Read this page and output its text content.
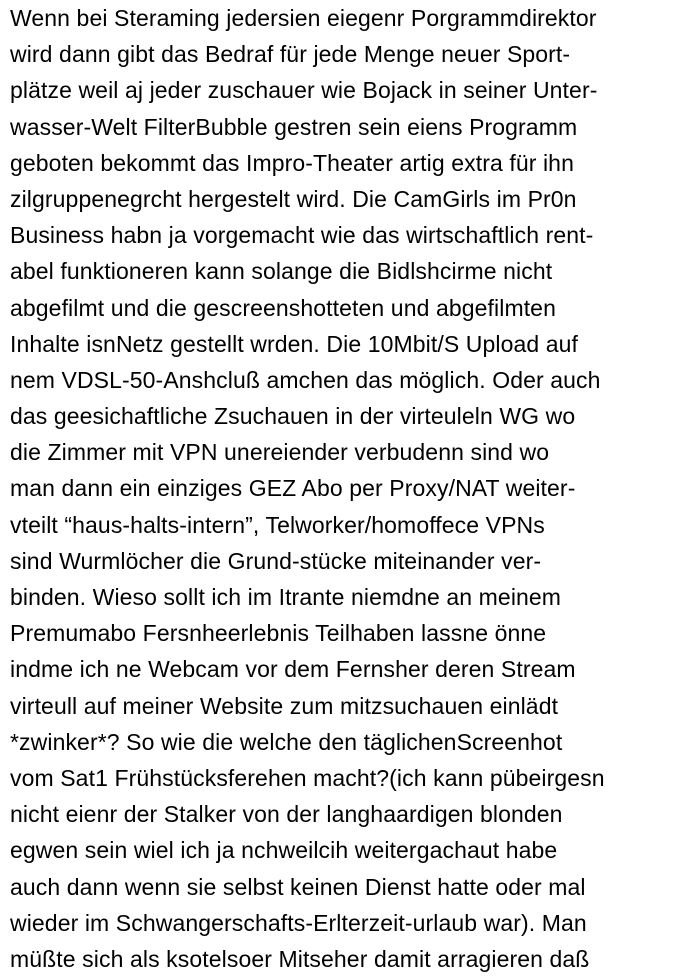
Wenn bei Steraming jedersien eiegenr Porgrammdirektor
wird dann gibt das Bedraf für jede Menge neuer Sport-
plätze weil aj jeder zuschauer wie Bojack in seiner Unter-
wasser-Welt FilterBubble gestren sein eiens Programm
geboten bekommt das Impro-Theater artig extra für ihn
zilgruppenegrcht hergestelt wird. Die CamGirls im Pr0n
Business habn ja vorgemacht wie das wirtschaftlich rent-
abel funktioneren kann solange die Bidlshcirme nicht
abgefilmt und die gescreenshotteten und abgefilmten
Inhalte isnNetz gestellt wrden. Die 10Mbit/S Upload auf
nem VDSL-50-Anshcluß amchen das möglich. Oder auch
das geesichaftliche Zsuchauen in der virteuleln WG wo
die Zimmer mit VPN unereiender verbudenn sind wo
man dann ein einziges GEZ Abo per Proxy/NAT weiter-
vteilt “haus-halts-intern”, Telworker/homoffece VPNs
sind Wurmlöcher die Grund-stücke miteinander ver-
binden. Wieso sollt ich im Itrante niemdne an meinem
Premumabo Fersnheerlebnis Teilhaben lassne önne
indme ich ne Webcam vor dem Fernsher deren Stream
virteull auf meiner Website zum mitzsuchauen einlädt
*zwinker*? So wie die welche den täglichenScreenhot
vom Sat1 Frühstücksferehen macht?(ich kann pübeirgesn
nicht eienr der Stalker von der langhaardigen blonden
egwen sein wiel ich ja nchweilcih weitergachaut habe
auch dann wenn sie selbst keinen Dienst hatte oder mal
wieder im Schwangerschafts-Erlterzeit-urlaub war). Man
müßte sich als ksotelsoer Mitseher damit arragieren daß
